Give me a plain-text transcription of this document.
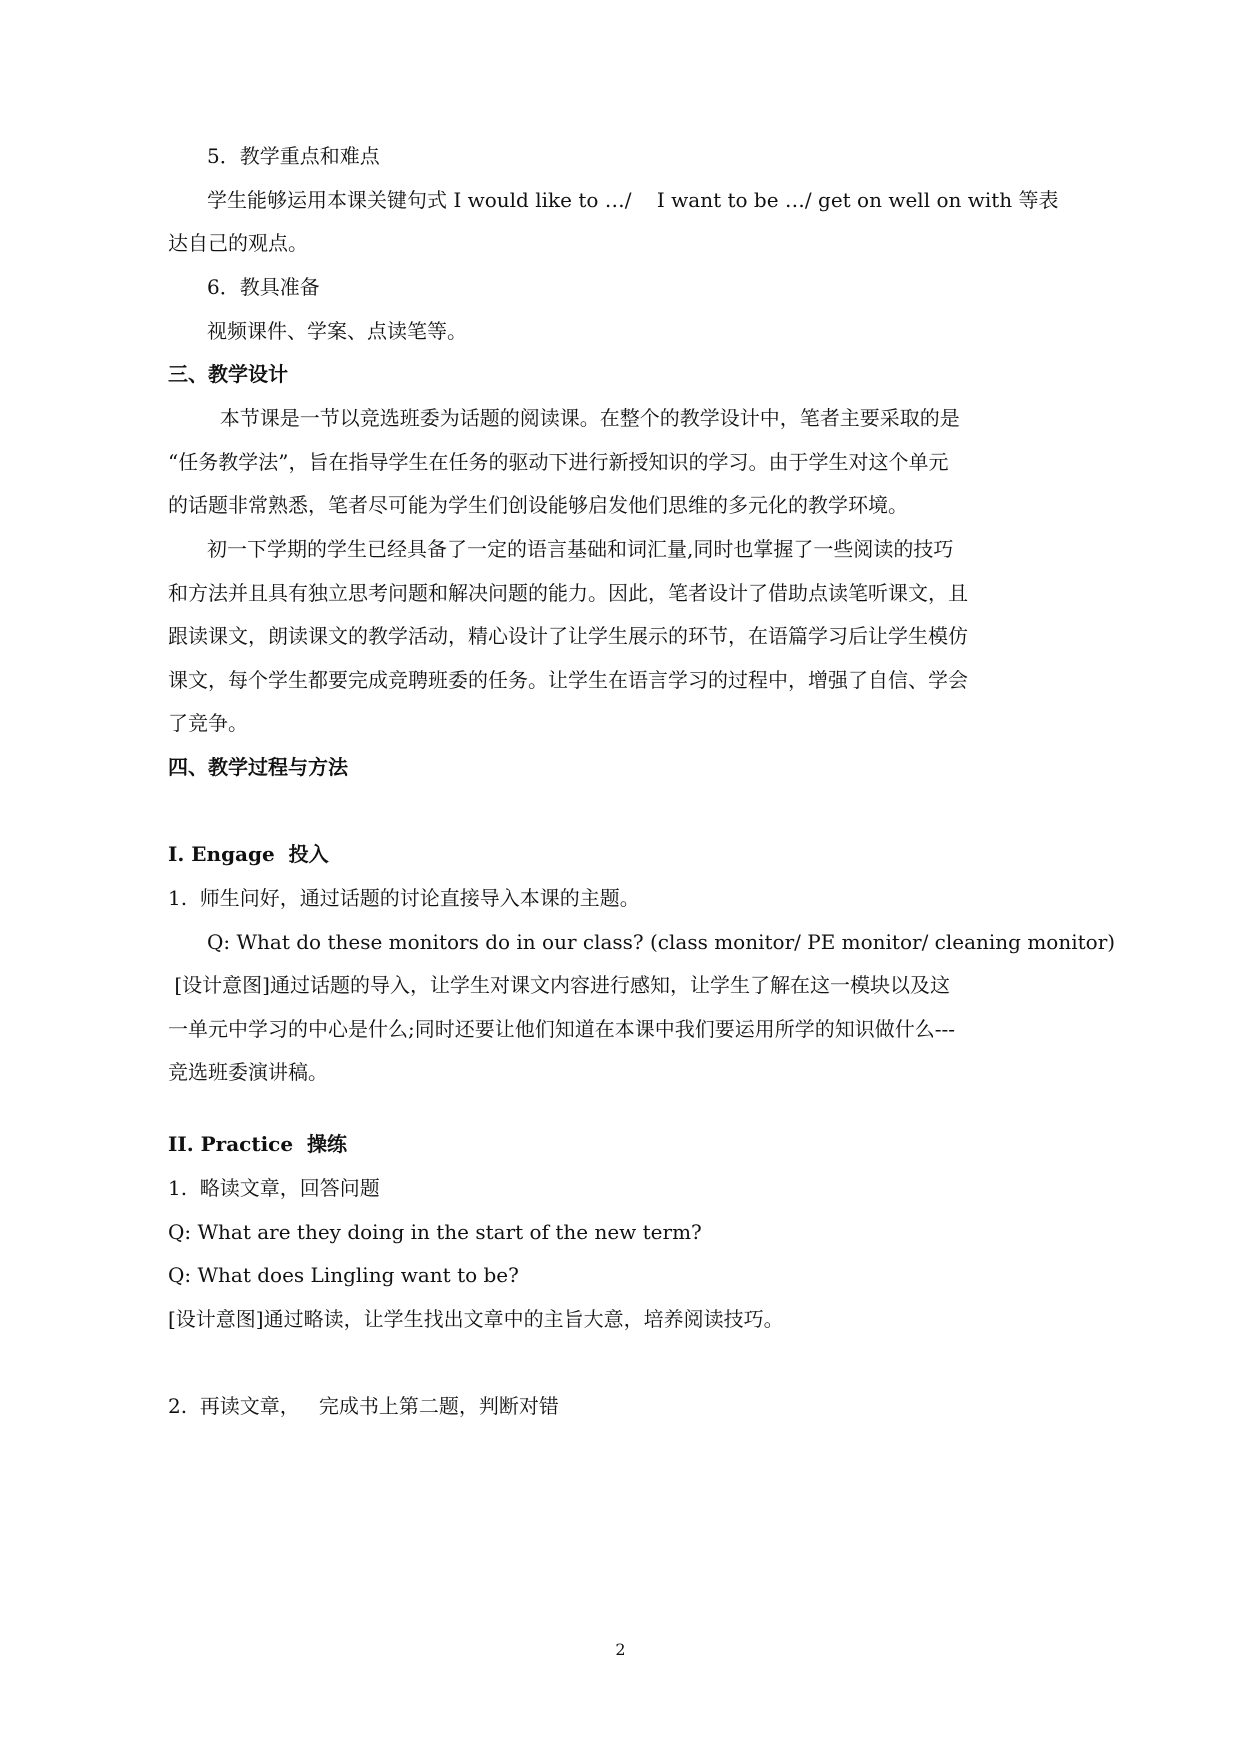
5．教学重点和难点
学生能够运用本课关键句式 I would like to …/    I want to be …/ get on well on with 等表
达自己的观点。
6．教具准备
视频课件、学案、点读笔等。
三、教学设计
本节课是一节以竞选班委为话题的阅读课。在整个的教学设计中，笔者主要采取的是
“任务教学法”，旨在指导学生在任务的驱动下进行新授知识的学习。由于学生对这个单元
的话题非常熟悉，笔者尽可能为学生们创设能够启发他们思维的多元化的教学环境。
初一下学期的学生已经具备了一定的语言基础和词汇量,同时也掌握了一些阅读的技巧
和方法并且具有独立思考问题和解决问题的能力。因此，笔者设计了借助点读笔听课文，且
跟读课文，朗读课文的教学活动，精心设计了让学生展示的环节，在语篇学习后让学生模仿
课文，每个学生都要完成竞聘班委的任务。让学生在语言学习的过程中，增强了自信、学会
了竞争。
四、教学过程与方法
I. Engage  投入
1.  师生问好，通过话题的讨论直接导入本课的主题。
Q: What do these monitors do in our class? (class monitor/ PE monitor/ cleaning monitor)
[设计意图]通过话题的导入，让学生对课文内容进行感知，让学生了解在这一模块以及这
一单元中学习的中心是什么;同时还要让他们知道在本课中我们要运用所学的知识做什么---
竞选班委演讲稿。
II. Practice  操练
1.  略读文章，回答问题
Q: What are they doing in the start of the new term?
Q: What does Lingling want to be?
[设计意图]通过略读，让学生找出文章中的主旨大意，培养阅读技巧。
2.  再读文章，   完成书上第二题，判断对错
2
